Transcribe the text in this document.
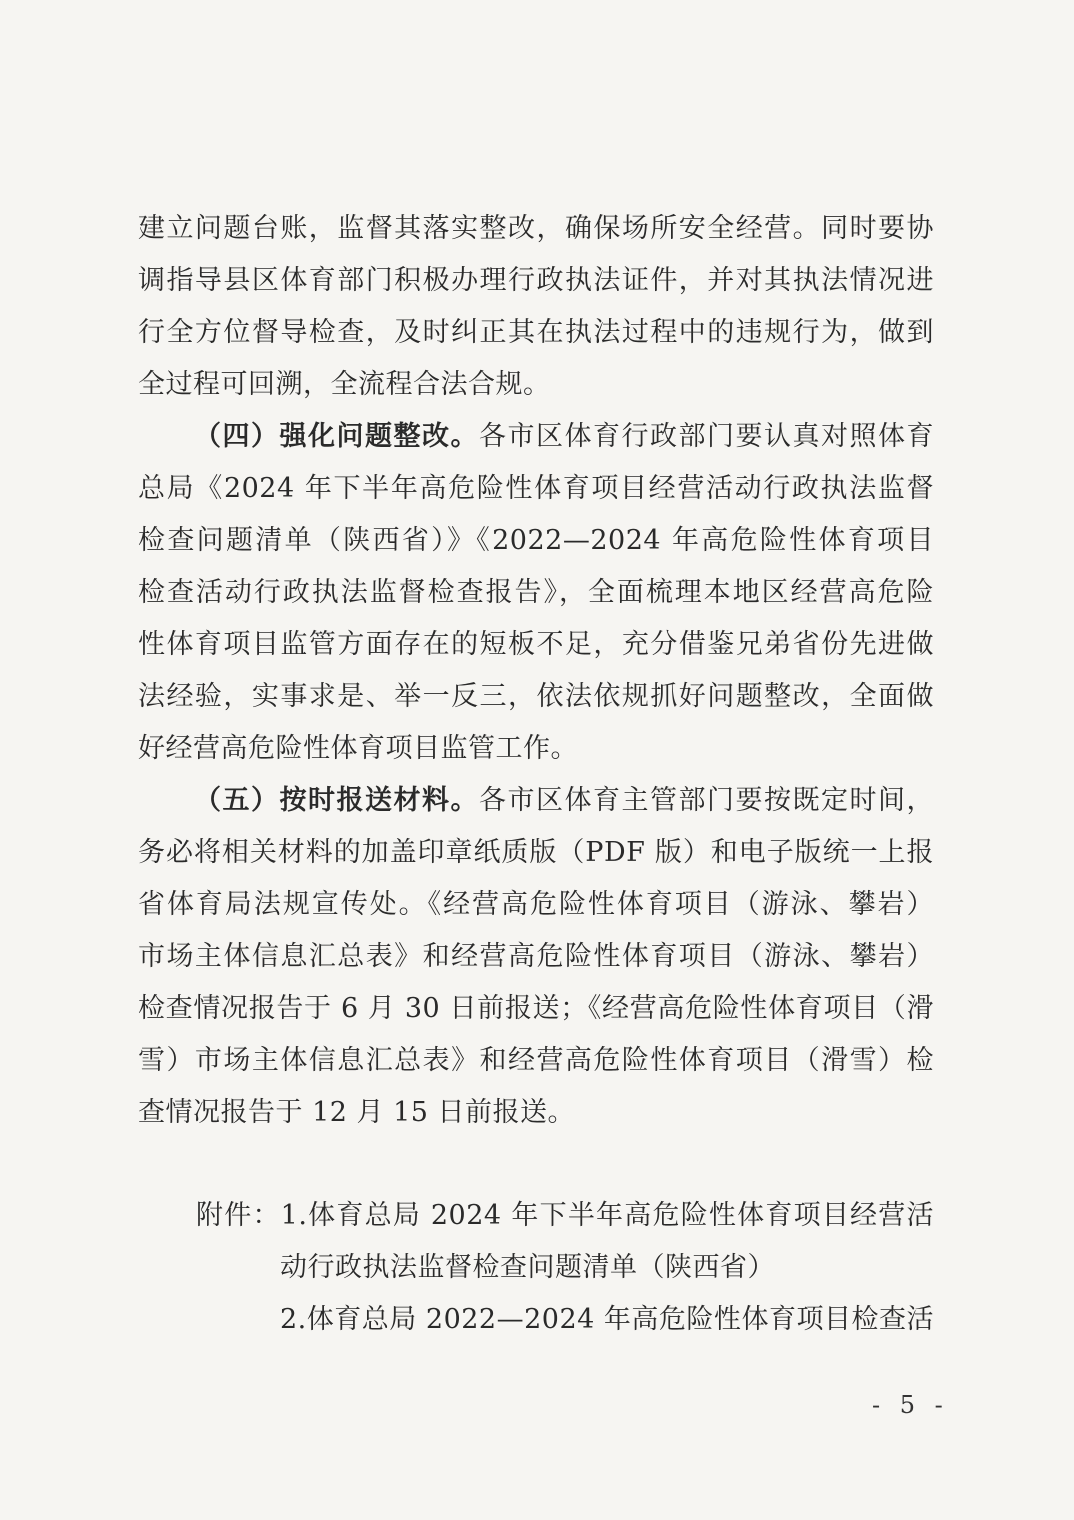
建立问题台账，监督其落实整改，确保场所安全经营。同时要协
调指导县区体育部门积极办理行政执法证件，并对其执法情况进
行全方位督导检查，及时纠正其在执法过程中的违规行为，做到
全过程可回溯，全流程合法合规。
（四）强化问题整改。各市区体育行政部门要认真对照体育
总局《2024 年下半年高危险性体育项目经营活动行政执法监督
检查问题清单（陕西省）》《2022—2024 年高危险性体育项目
检查活动行政执法监督检查报告》，全面梳理本地区经营高危险
性体育项目监管方面存在的短板不足，充分借鉴兄弟省份先进做
法经验，实事求是、举一反三，依法依规抓好问题整改，全面做
好经营高危险性体育项目监管工作。
（五）按时报送材料。各市区体育主管部门要按既定时间，
务必将相关材料的加盖印章纸质版（PDF 版）和电子版统一上报
省体育局法规宣传处。《经营高危险性体育项目（游泳、攀岩）
市场主体信息汇总表》和经营高危险性体育项目（游泳、攀岩）
检查情况报告于 6 月 30 日前报送；《经营高危险性体育项目（滑
雪）市场主体信息汇总表》和经营高危险性体育项目（滑雪）检
查情况报告于 12 月 15 日前报送。
附件：1.体育总局 2024 年下半年高危险性体育项目经营活
动行政执法监督检查问题清单（陕西省）
2.体育总局 2022—2024 年高危险性体育项目检查活
- 5 -
